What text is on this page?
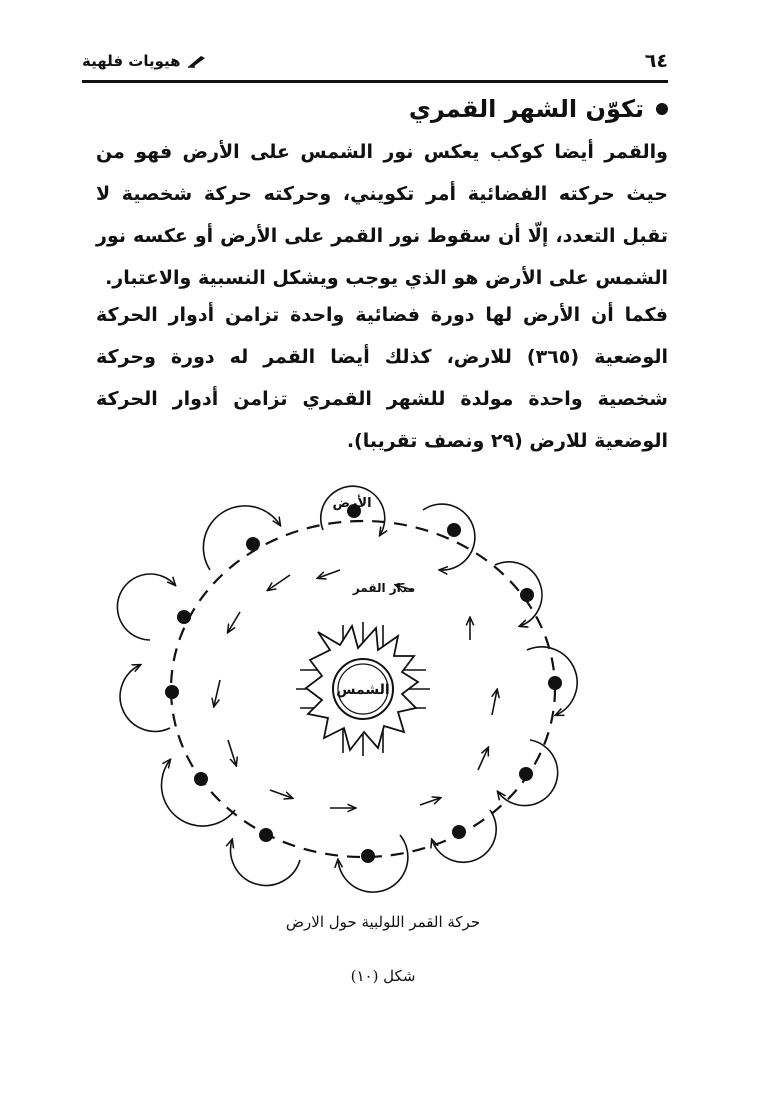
٦٤
هيويات فلهية
تكوّن الشهر القمري
والقمر أيضا كوكب يعكس نور الشمس على الأرض فهو من حيث حركته الفضائية أمر تكويني، وحركته حركة شخصية لا تقبل التعدد، إلّا أن سقوط نور القمر على الأرض أو عكسه نور الشمس على الأرض هو الذي يوجب ويشكل النسبية والاعتبار.
فكما أن الأرض لها دورة فضائية واحدة تزامن أدوار الحركة الوضعية (٣٦٥) للارض، كذلك أيضا القمر له دورة وحركة شخصية واحدة مولدة للشهر القمري تزامن أدوار الحركة الوضعية للارض (٢٩ ونصف تقريبا).
الأرض
مدار القمر
الشمس
حركة القمر اللولبية حول الارض
شكل (١٠)
